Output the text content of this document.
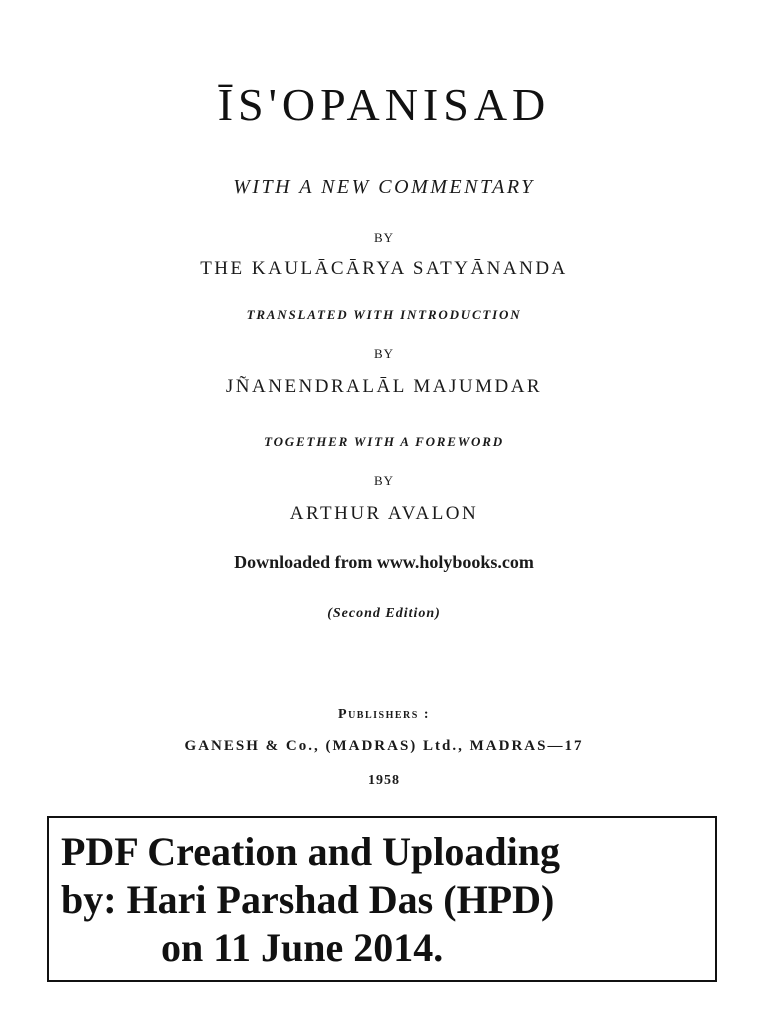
ĪS'OPANISAD
WITH A NEW COMMENTARY
BY
THE KAULĀCĀRYA SATYĀNANDA
TRANSLATED WITH INTRODUCTION
BY
JÑANENDRALĀL MAJUMDAR
TOGETHER WITH A FOREWORD
BY
ARTHUR AVALON
Downloaded from www.holybooks.com
(Second Edition)
Publishers :
GANESH & Co., (MADRAS) Ltd., MADRAS—17
1958
PDF Creation and Uploading
by: Hari Parshad Das (HPD)
on 11 June 2014.
